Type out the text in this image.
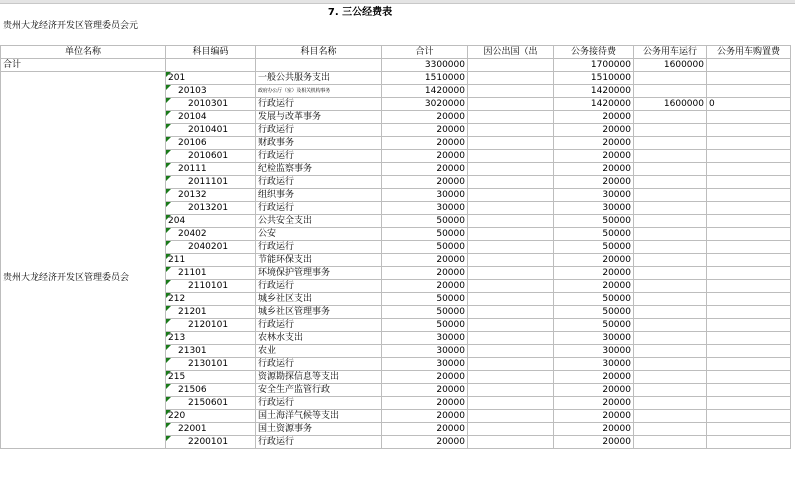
7. 三公经费表
贵州大龙经济开发区管理委员会元
单位名称	科目编码	科目名称	合计	因公出国（出	公务接待费	公务用车运行	公务用车购置费
合计			3300000		1700000	1600000	
	201	一般公共服务支出	1510000		1510000		
	20103	政府办公厅（室）及相关机构事务	1420000		1420000		
	2010301	行政运行	3020000		1420000	1600000	0
	20104	发展与改革事务	20000		20000		
	2010401	行政运行	20000		20000		
	20106	财政事务	20000		20000		
	2010601	行政运行	20000		20000		
	20111	纪检监察事务	20000		20000		
	2011101	行政运行	20000		20000		
	20132	组织事务	30000		30000		
	2013201	行政运行	30000		30000		
	204	公共安全支出	50000		50000		
	20402	公安	50000		50000		
	2040201	行政运行	50000		50000		
	211	节能环保支出	20000		20000		
	21101	环境保护管理事务	20000		20000		
	2110101	行政运行	20000		20000		
	212	城乡社区支出	50000		50000		
	21201	城乡社区管理事务	50000		50000		
	2120101	行政运行	50000		50000		
	213	农林水支出	30000		30000		
	21301	农业	30000		30000		
	2130101	行政运行	30000		30000		
	215	资源勘探信息等支出	20000		20000		
	21506	安全生产监管行政	20000		20000		
	2150601	行政运行	20000		20000		
	220	国土海洋气候等支出	20000		20000		
	22001	国土资源事务	20000		20000		
	2200101	行政运行	20000		20000		
贵州大龙经济开发区管理委员会
